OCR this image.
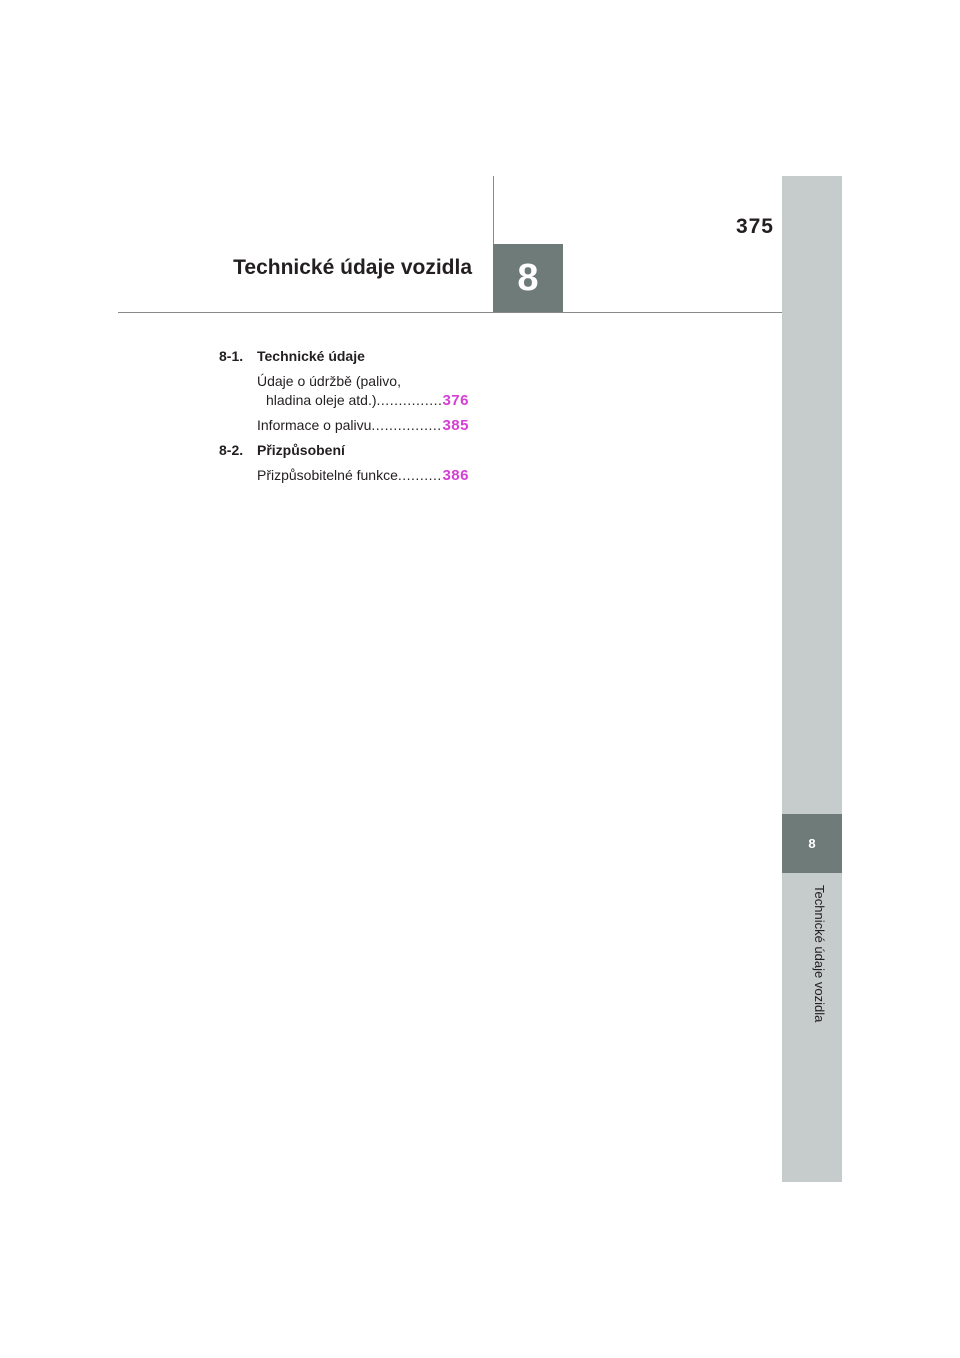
375
Technické údaje vozidla	8
8
Technické údaje vozidla
8-1. Technické údaje
Údaje o údržbě (palivo,
hladina oleje atd.) .....	376
Informace o palivu .....	385
8-2. Přizpůsobení
Přizpůsobitelné funkce .....	386
